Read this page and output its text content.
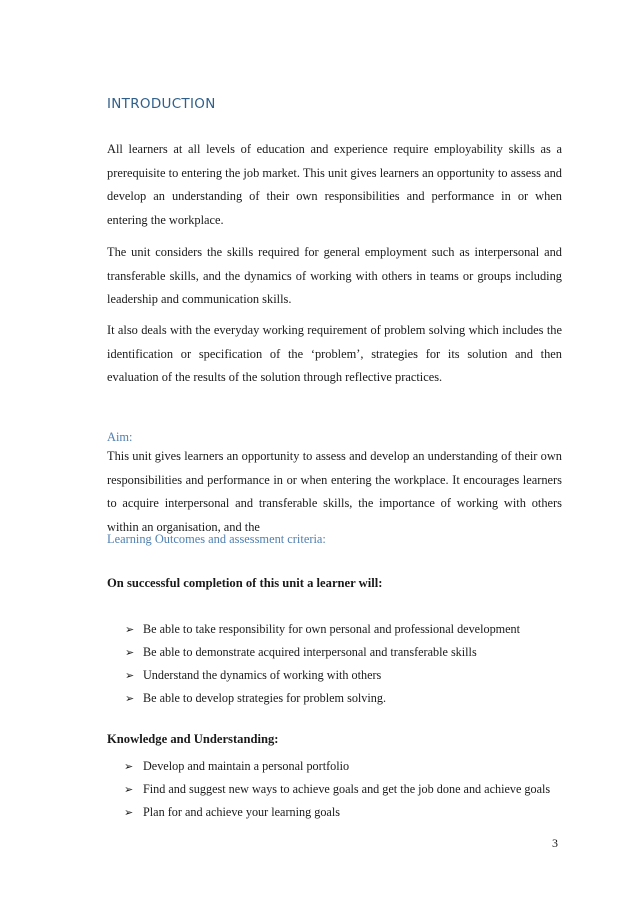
INTRODUCTION

All learners at all levels of education and experience require employability skills as a prerequisite to entering the job market. This unit gives learners an opportunity to assess and develop an understanding of their own responsibilities and performance in or when entering the workplace.

The unit considers the skills required for general employment such as interpersonal and transferable skills, and the dynamics of working with others in teams or groups including leadership and communication skills.

It also deals with the everyday working requirement of problem solving which includes the identification or specification of the ‘problem’, strategies for its solution and then evaluation of the results of the solution through reflective practices.

Aim:

This unit gives learners an opportunity to assess and develop an understanding of their own responsibilities and performance in or when entering the workplace. It encourages learners to acquire interpersonal and transferable skills, the importance of working with others within an organisation, and the

Learning Outcomes and assessment criteria:
On successful completion of this unit a learner will:
➢ Be able to take responsibility for own personal and professional development
➢ Be able to demonstrate acquired interpersonal and transferable skills
➢ Understand the dynamics of working with others
➢ Be able to develop strategies for problem solving.
Knowledge and Understanding:
➢ Develop and maintain a personal portfolio
➢ Find and suggest new ways to achieve goals and get the job done and achieve goals
➢ Plan for and achieve your learning goals
3
